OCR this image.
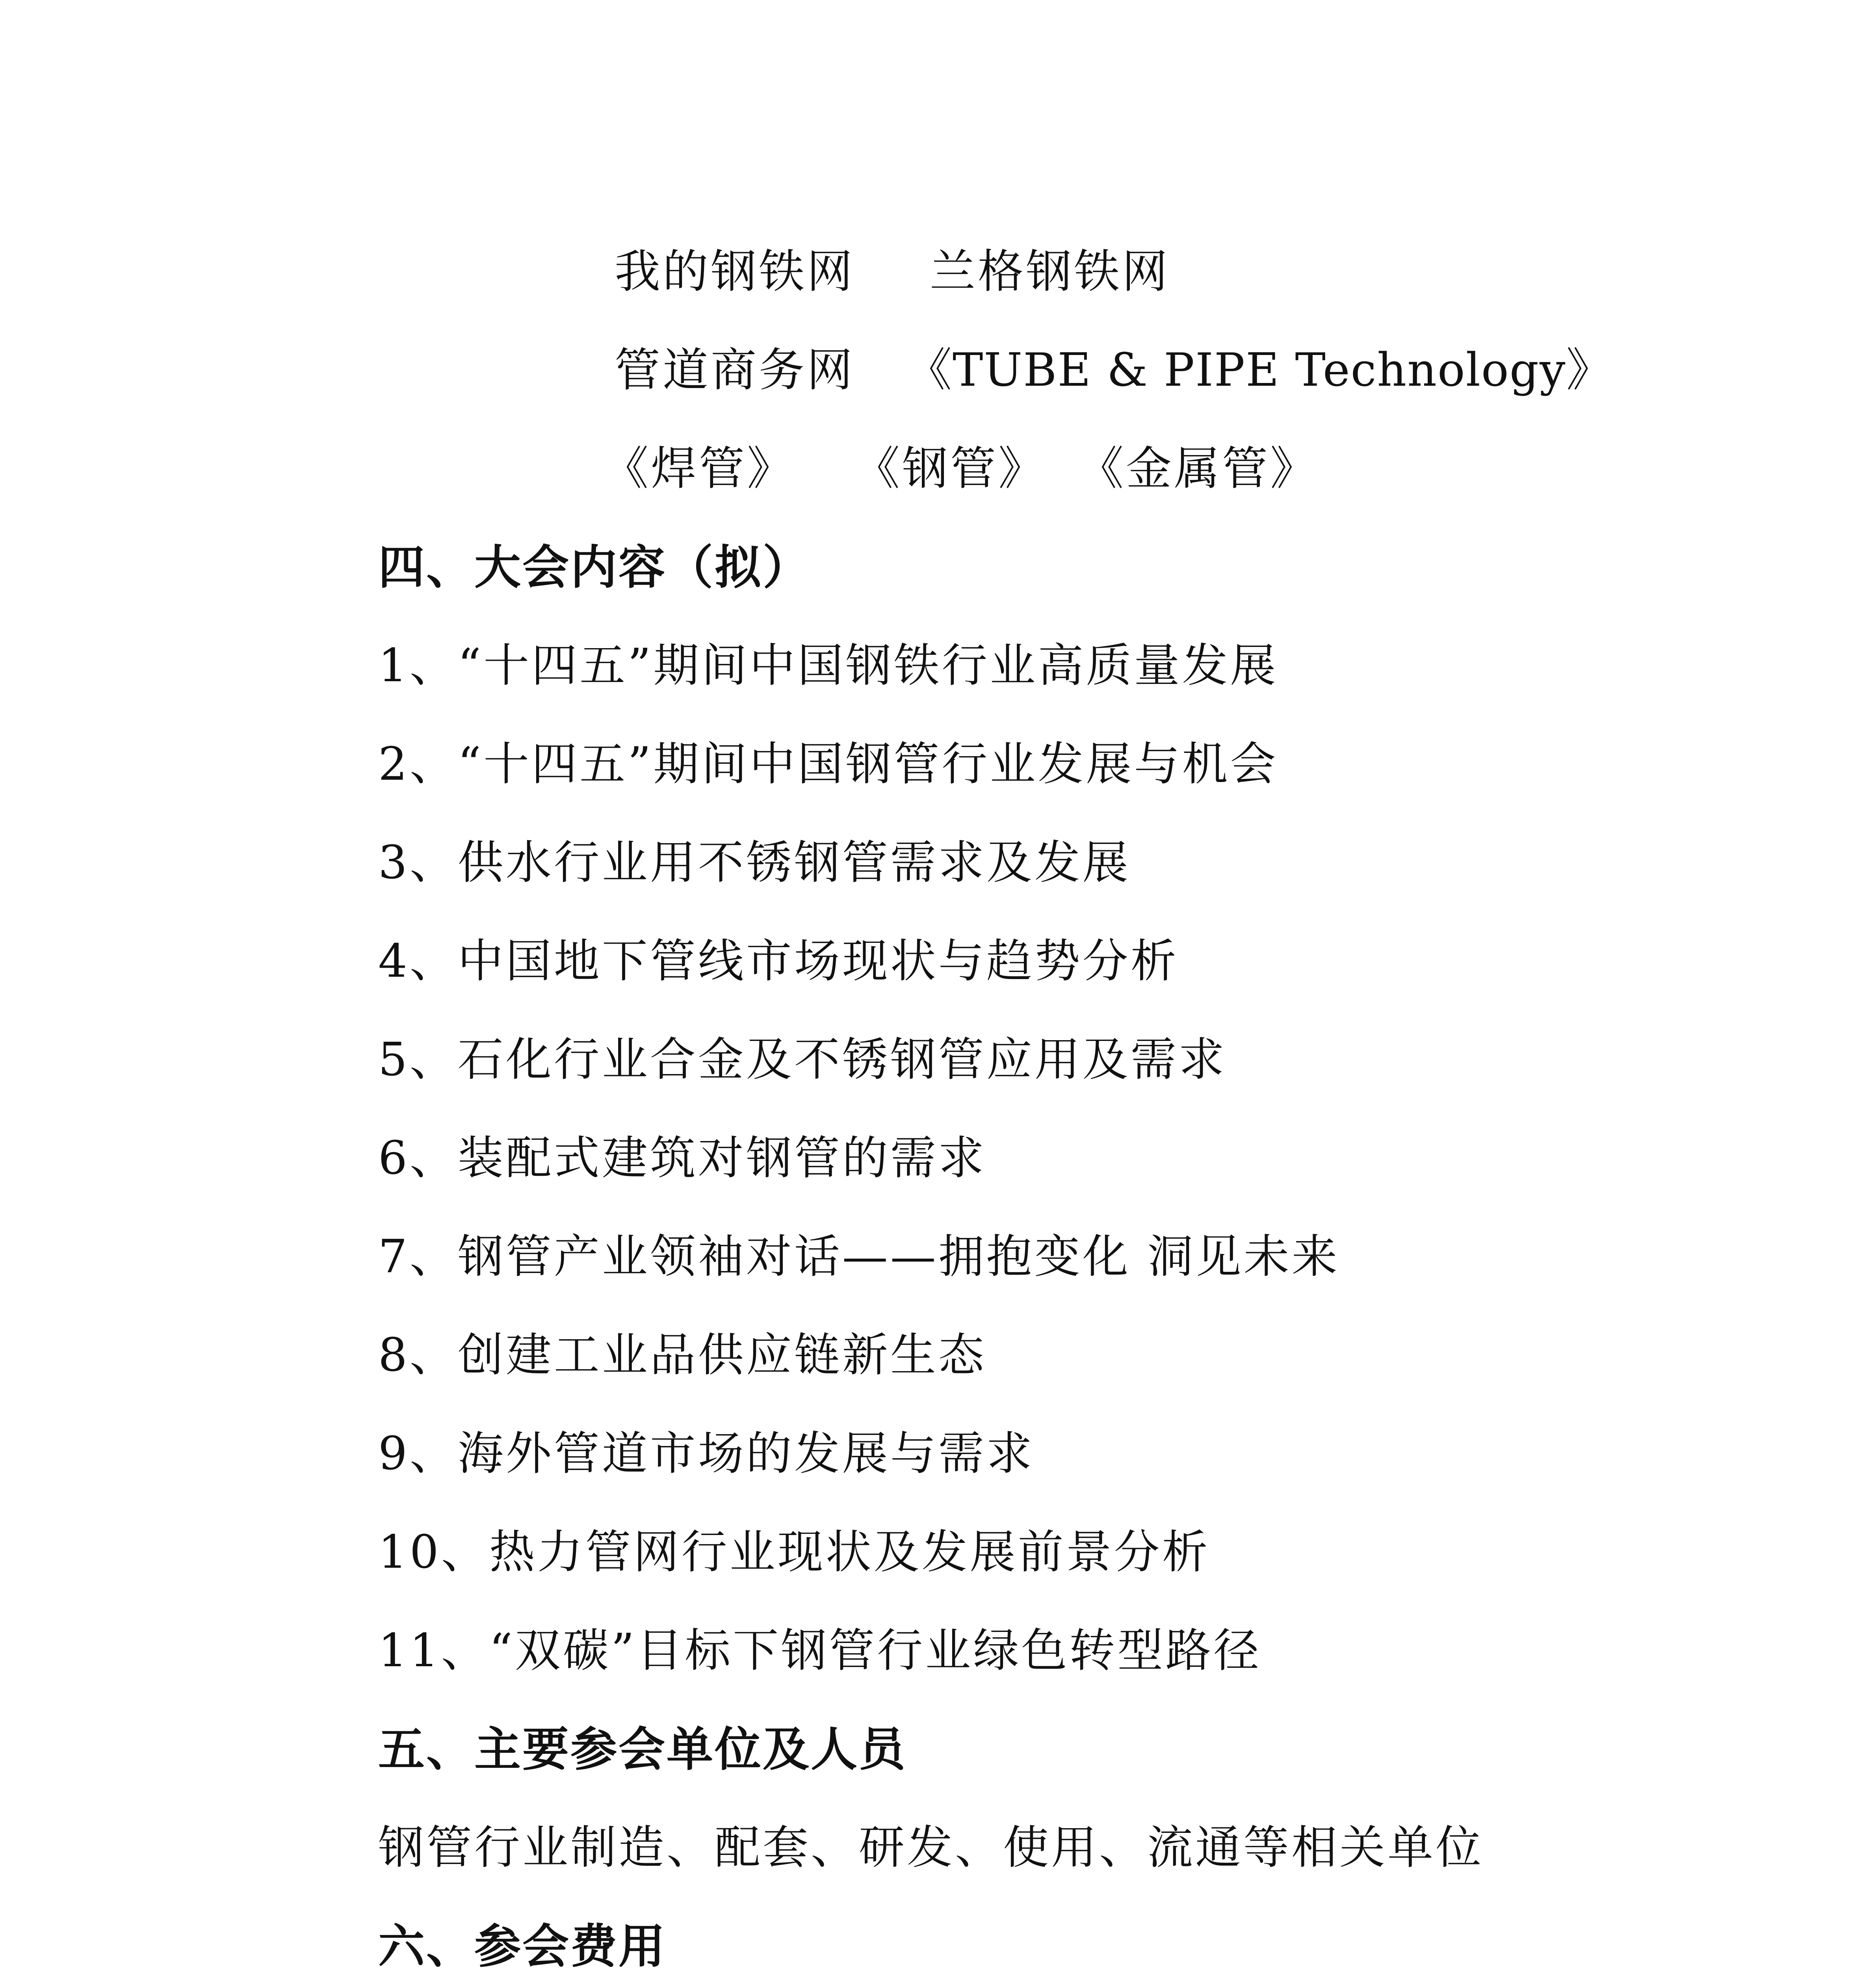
我的钢铁网 兰格钢铁网
管道商务网 《TUBE & PIPE Technology》
《焊管》 《钢管》 《金属管》
四、大会内容（拟）
1、“十四五”期间中国钢铁行业高质量发展
2、“十四五”期间中国钢管行业发展与机会
3、供水行业用不锈钢管需求及发展
4、中国地下管线市场现状与趋势分析
5、石化行业合金及不锈钢管应用及需求
6、装配式建筑对钢管的需求
7、钢管产业领袖对话——拥抱变化 洞见未来
8、创建工业品供应链新生态
9、海外管道市场的发展与需求
10、热力管网行业现状及发展前景分析
11、“双碳”目标下钢管行业绿色转型路径
五、主要参会单位及人员
钢管行业制造、配套、研发、使用、流通等相关单位
六、参会费用
